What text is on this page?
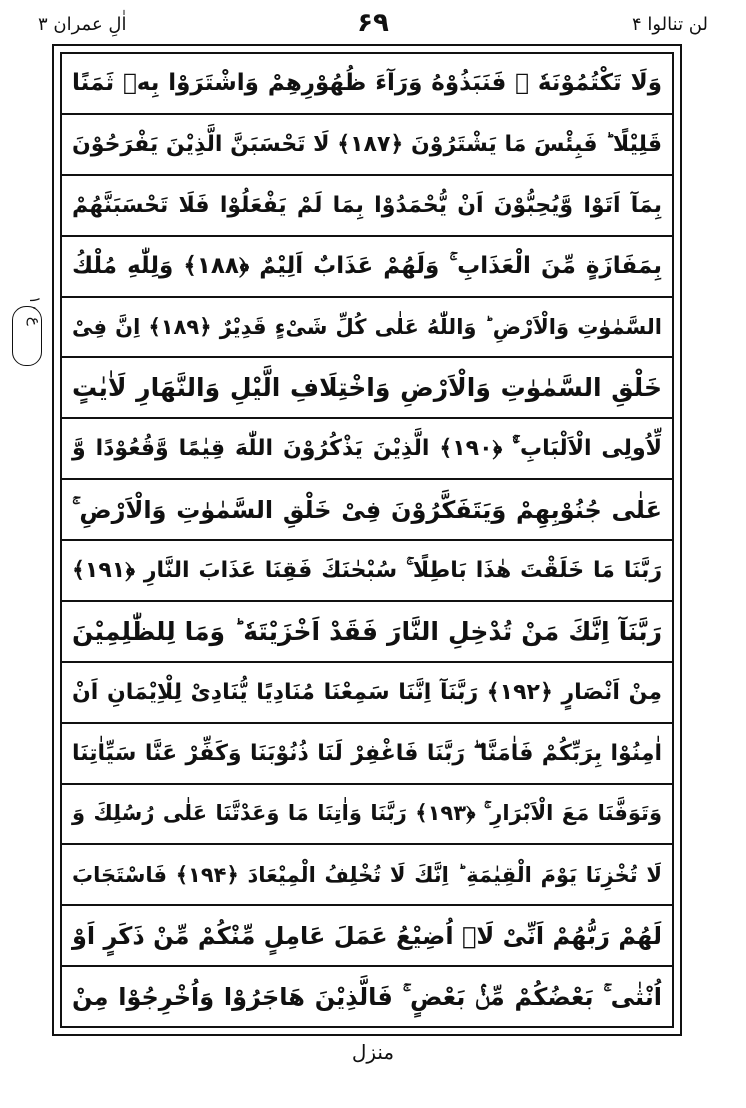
اٰلِ عمران ۳	۶۹	لن تنالوا ۴
ع ۱۰
وَلَا تَكْتُمُوْنَهٗ ۫ فَنَبَذُوْهُ وَرَآءَ ظُهُوْرِهِمْ وَاشْتَرَوْا بِهٖ ثَمَنًا
قَلِيْلًا ؕ فَبِئْسَ مَا يَشْتَرُوْنَ ﴿۱۸۷﴾ لَا تَحْسَبَنَّ الَّذِيْنَ يَفْرَحُوْنَ
بِمَآ اَتَوْا وَّيُحِبُّوْنَ اَنْ يُّحْمَدُوْا بِمَا لَمْ يَفْعَلُوْا فَلَا تَحْسَبَنَّهُمْ
بِمَفَازَةٍ مِّنَ الْعَذَابِ ۚ وَلَهُمْ عَذَابٌ اَلِيْمٌ ﴿۱۸۸﴾ وَلِلّٰهِ مُلْكُ
السَّمٰوٰتِ وَالْاَرْضِ ؕ وَاللّٰهُ عَلٰى كُلِّ شَىْءٍ قَدِيْرٌ ﴿۱۸۹﴾ اِنَّ فِىْ
خَلْقِ السَّمٰوٰتِ وَالْاَرْضِ وَاخْتِلَافِ الَّيْلِ وَالنَّهَارِ لَاٰيٰتٍ
لِّاُولِى الْاَلْبَابِ ۚۙ ﴿۱۹۰﴾ الَّذِيْنَ يَذْكُرُوْنَ اللّٰهَ قِيٰمًا وَّقُعُوْدًا وَّ
عَلٰى جُنُوْبِهِمْ وَيَتَفَكَّرُوْنَ فِىْ خَلْقِ السَّمٰوٰتِ وَالْاَرْضِ ۚ
رَبَّنَا مَا خَلَقْتَ هٰذَا بَاطِلًا ۚ سُبْحٰنَكَ فَقِنَا عَذَابَ النَّارِ ﴿۱۹۱﴾
رَبَّنَآ اِنَّكَ مَنْ تُدْخِلِ النَّارَ فَقَدْ اَخْزَيْتَهٗ ؕ وَمَا لِلظّٰلِمِيْنَ
مِنْ اَنْصَارٍ ﴿۱۹۲﴾ رَبَّنَآ اِنَّنَا سَمِعْنَا مُنَادِيًا يُّنَادِىْ لِلْاِيْمَانِ اَنْ
اٰمِنُوْا بِرَبِّكُمْ فَاٰمَنَّا ۖ رَبَّنَا فَاغْفِرْ لَنَا ذُنُوْبَنَا وَكَفِّرْ عَنَّا سَيِّاٰتِنَا
وَتَوَفَّنَا مَعَ الْاَبْرَارِ ۚ ﴿۱۹۳﴾ رَبَّنَا وَاٰتِنَا مَا وَعَدْتَّنَا عَلٰى رُسُلِكَ وَ
لَا تُخْزِنَا يَوْمَ الْقِيٰمَةِ ؕ اِنَّكَ لَا تُخْلِفُ الْمِيْعَادَ ﴿۱۹۴﴾ فَاسْتَجَابَ
لَهُمْ رَبُّهُمْ اَنِّىْ لَاۤ اُضِيْعُ عَمَلَ عَامِلٍ مِّنْكُمْ مِّنْ ذَكَرٍ اَوْ
اُنْثٰى ۚ بَعْضُكُمْ مِّنْۢ بَعْضٍ ۚ فَالَّذِيْنَ هَاجَرُوْا وَاُخْرِجُوْا مِنْ
منزل
